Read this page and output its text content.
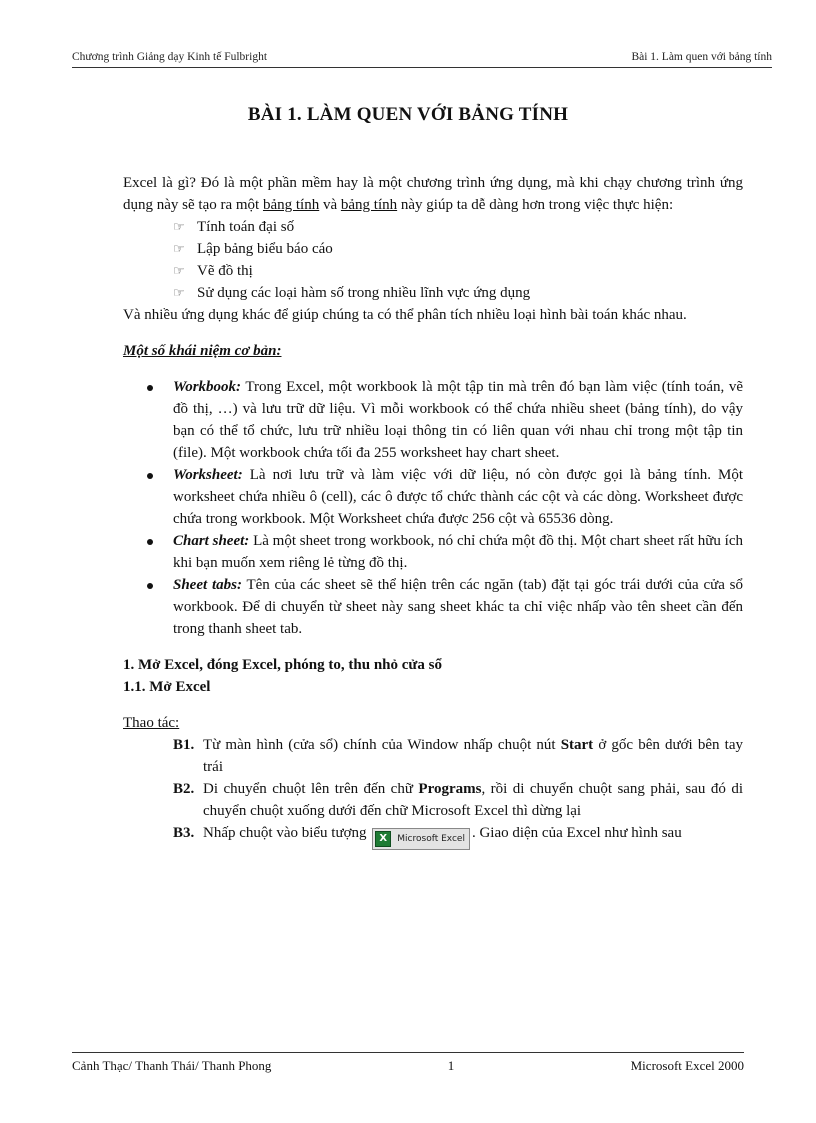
Chương trình Giảng dạy Kinh tế Fulbright	Bài 1. Làm quen với bảng tính
BÀI 1. LÀM QUEN VỚI BẢNG TÍNH
Excel là gì? Đó là một phần mềm hay là một chương trình ứng dụng, mà khi chạy chương trình ứng dụng này sẽ tạo ra một bảng tính và bảng tính này giúp ta dễ dàng hơn trong việc thực hiện:
☞ Tính toán đại số
☞ Lập bảng biểu báo cáo
☞ Vẽ đồ thị
☞ Sử dụng các loại hàm số trong nhiều lĩnh vực ứng dụng
Và nhiều ứng dụng khác để giúp chúng ta có thể phân tích nhiều loại hình bài toán khác nhau.
Một số khái niệm cơ bản:
Workbook: Trong Excel, một workbook là một tập tin mà trên đó bạn làm việc (tính toán, vẽ đồ thị, …) và lưu trữ dữ liệu. Vì mỗi workbook có thể chứa nhiều sheet (bảng tính), do vậy bạn có thể tổ chức, lưu trữ nhiều loại thông tin có liên quan với nhau chỉ trong một tập tin (file). Một workbook chứa tối đa 255 worksheet hay chart sheet.
Worksheet: Là nơi lưu trữ và làm việc với dữ liệu, nó còn được gọi là bảng tính. Một worksheet chứa nhiều ô (cell), các ô được tổ chức thành các cột và các dòng. Worksheet được chứa trong workbook. Một Worksheet chứa được 256 cột và 65536 dòng.
Chart sheet: Là một sheet trong workbook, nó chỉ chứa một đồ thị. Một chart sheet rất hữu ích khi bạn muốn xem riêng lẻ từng đồ thị.
Sheet tabs: Tên của các sheet sẽ thể hiện trên các ngăn (tab) đặt tại góc trái dưới của cửa sổ workbook. Để di chuyển từ sheet này sang sheet khác ta chỉ việc nhấp vào tên sheet cần đến trong thanh sheet tab.
1. Mở Excel, đóng Excel, phóng to, thu nhỏ cửa sổ
1.1. Mở Excel
Thao tác:
B1. Từ màn hình (cửa sổ) chính của Window nhấp chuột nút Start ở gốc bên dưới bên tay trái
B2. Di chuyển chuột lên trên đến chữ Programs, rồi di chuyển chuột sang phải, sau đó di chuyển chuột xuống dưới đến chữ Microsoft Excel thì dừng lại
B3. Nhấp chuột vào biểu tượng X	Microsoft Excel . Giao diện của Excel như hình sau
Cảnh Thạc/ Thanh Thái/ Thanh Phong	1	Microsoft Excel 2000
